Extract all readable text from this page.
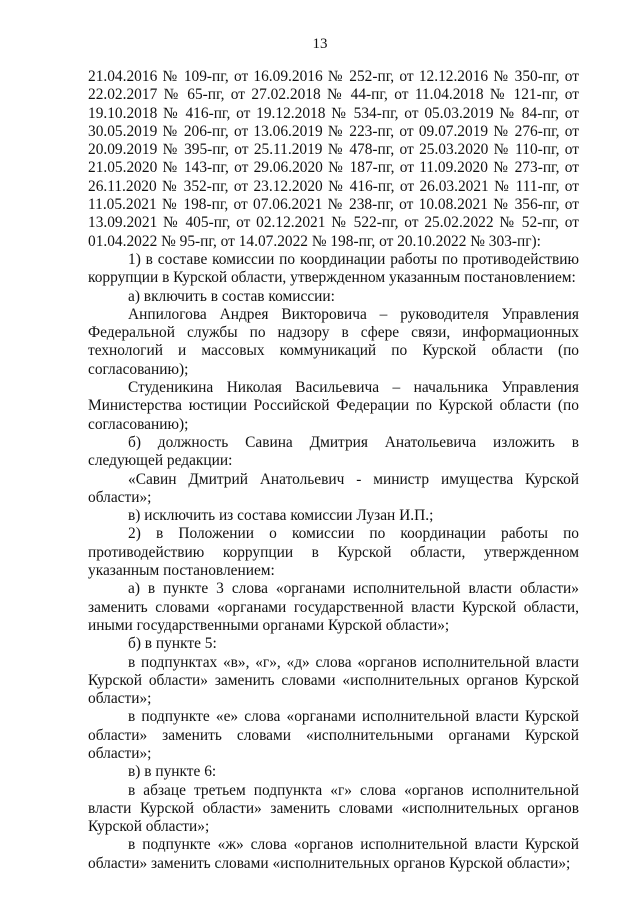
13

21.04.2016 № 109-пг, от 16.09.2016 № 252-пг, от 12.12.2016 № 350-пг, от 22.02.2017 № 65-пг, от 27.02.2018 № 44-пг, от 11.04.2018 № 121-пг, от 19.10.2018 № 416-пг, от 19.12.2018 № 534-пг, от 05.03.2019 № 84-пг, от 30.05.2019 № 206-пг, от 13.06.2019 № 223-пг, от 09.07.2019 № 276-пг, от 20.09.2019 № 395-пг, от 25.11.2019 № 478-пг, от 25.03.2020 № 110-пг, от 21.05.2020 № 143-пг, от 29.06.2020 № 187-пг, от 11.09.2020 № 273-пг, от 26.11.2020 № 352-пг, от 23.12.2020 № 416-пг, от 26.03.2021 № 111-пг, от 11.05.2021 № 198-пг, от 07.06.2021 № 238-пг, от 10.08.2021 № 356-пг, от 13.09.2021 № 405-пг, от 02.12.2021 № 522-пг, от 25.02.2022 № 52-пг, от 01.04.2022 № 95-пг, от 14.07.2022 № 198-пг, от 20.10.2022 № 303-пг):

1) в составе комиссии по координации работы по противодействию коррупции в Курской области, утвержденном указанным постановлением:

а) включить в состав комиссии:

Анпилогова Андрея Викторовича – руководителя Управления Федеральной службы по надзору в сфере связи, информационных технологий и массовых коммуникаций по Курской области (по согласованию);

Студеникина Николая Васильевича – начальника Управления Министерства юстиции Российской Федерации по Курской области (по согласованию);

б) должность Савина Дмитрия Анатольевича изложить в следующей редакции:

«Савин Дмитрий Анатольевич - министр имущества Курской области»;

в) исключить из состава комиссии Лузан И.П.;

2) в Положении о комиссии по координации работы по противодействию коррупции в Курской области, утвержденном указанным постановлением:

а) в пункте 3 слова «органами исполнительной власти области» заменить словами «органами государственной власти Курской области, иными государственными органами Курской области»;

б) в пункте 5:

в подпунктах «в», «г», «д» слова «органов исполнительной власти Курской области» заменить словами «исполнительных органов Курской области»;

в подпункте «е» слова «органами исполнительной власти Курской области» заменить словами «исполнительными органами Курской области»;

в) в пункте 6:

в абзаце третьем подпункта «г» слова «органов исполнительной власти Курской области» заменить словами «исполнительных органов Курской области»;

в подпункте «ж» слова «органов исполнительной власти Курской области» заменить словами «исполнительных органов Курской области»;
